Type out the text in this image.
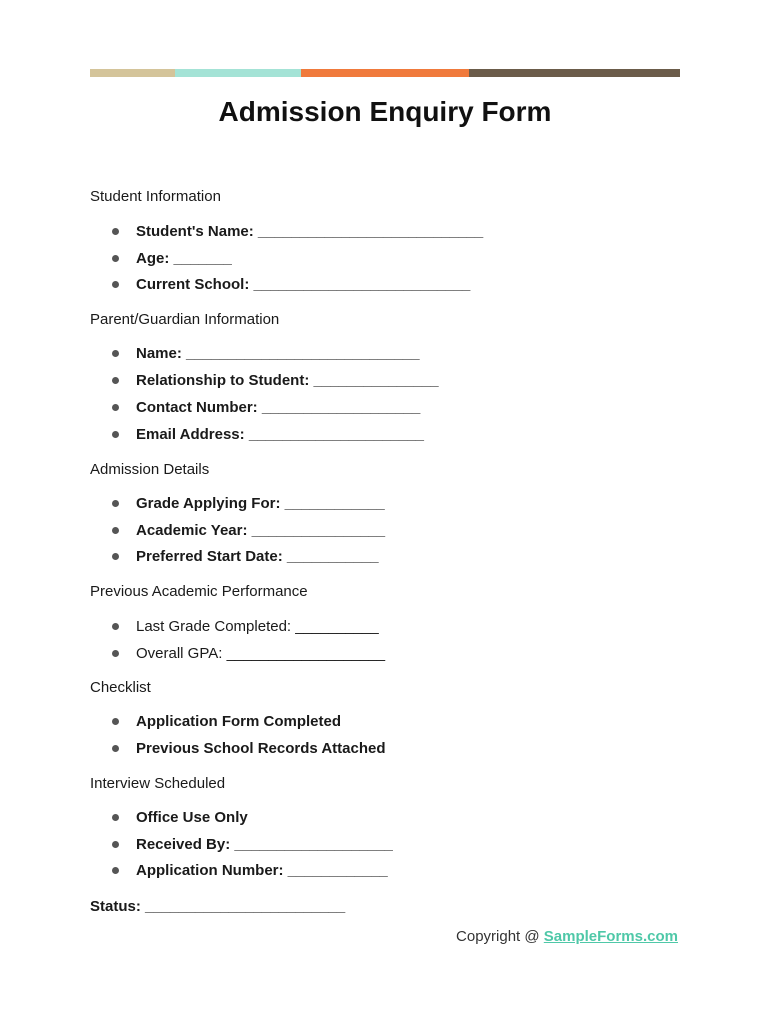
Admission Enquiry Form
Student Information
Student's Name: ___________________________
Age: _______
Current School: __________________________
Parent/Guardian Information
Name: ____________________________
Relationship to Student: _______________
Contact Number: ___________________
Email Address: _____________________
Admission Details
Grade Applying For: ____________
Academic Year: ________________
Preferred Start Date: ___________
Previous Academic Performance
Last Grade Completed: __________
Overall GPA: ___________________
Checklist
Application Form Completed
Previous School Records Attached
Interview Scheduled
Office Use Only
Received By: ___________________
Application Number: ____________
Status: ________________________
Copyright @ SampleForms.com
